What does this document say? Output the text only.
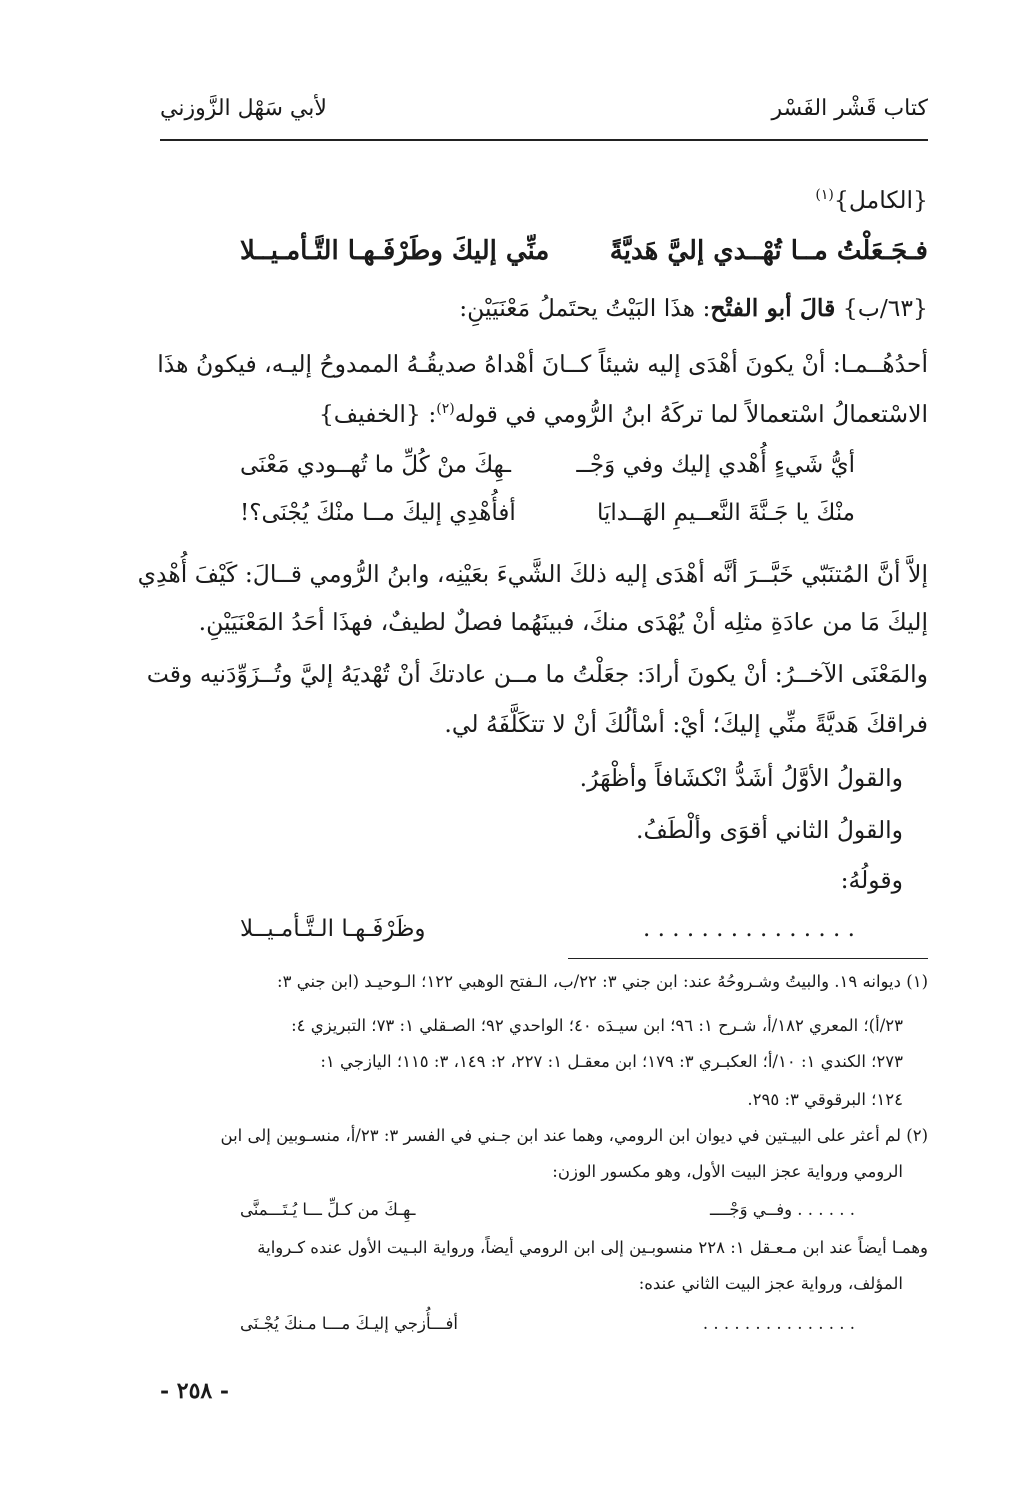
كتاب قَشْر الفَسْر
لأبي سَهْل الزَّوزني
{الكامل}$^{(١)}$
فـجَـعَلْتُ مــا تُهْــدي إليَّ هَديَّةً
منِّي إليكَ وطَرْفَـهـا التَّـأمـيــلا
{٦٣/ب} قالَ أبو الفتْح: هذَا البَيْتُ يحتَملُ مَعْنَيَيْنِ:
أحدُهُــمـا: أنْ يكونَ أهْدَى إليه شيئاً كــانَ أهْداهُ صديقُـهُ الممدوحُ إليـه، فيكونُ هذَا
الاسْتعمالُ اسْتعمالاً لما تركَهُ ابنُ الرُّومي في قوله$^{(٢)}$: {الخفيف}
أيُّ شَيءٍ أُهْدي إليك وفي وَجْــ
ـهِكَ منْ كُلِّ ما تُهــودي مَعْنَى
منْكَ يا جَـنَّةَ النَّعــيمِ الهَــدايَا
أفأُهْدِي إليكَ مــا منْكَ يُجْنَى؟!
إلاَّ أنَّ المُتنَبّي خَبَّــرَ أنَّه أهْدَى إليه ذلكَ الشَّيءَ بعَيْنِه، وابنُ الرُّومي قــالَ: كَيْفَ أُهْدِي
إليكَ مَا من عادَةِ مثلِه أنْ يُهْدَى منكَ، فبينَهُما فصلٌ لطيفٌ، فهذَا أحَدُ المَعْنَيَيْنِ.
والمَعْنَى الآخــرُ: أنْ يكونَ أرادَ: جعَلْتُ ما مــن عادتكَ أنْ تُهْديَهُ إليَّ وتُــزَوِّدَنيه وقت
فراقكَ هَديَّةً منِّي إليكَ؛ أيْ: أسْألُكَ أنْ لا تتكَلَّفَهُ لي.
والقولُ الأوَّلُ أشَدُّ انْكشَافاً وأظْهَرُ.
والقولُ الثاني أقوَى وألْطَفُ.
وقولُهُ:
. . . . . . . . . . . . . . .
وظَرْفَـهـا الـتَّـأمـيــلا
(١) ديوانه ١٩. والبيتُ وشـروحُهُ عند: ابن جني ٣: ٢٢/ب، الـفتح الوهبي ١٢٢؛ الـوحيـد (ابن جني ٣:
٢٣/أ)؛ المعري ١٨٢/أ، شـرح ١: ٩٦؛ ابن سيـدَه ٤٠؛ الواحدي ٩٢؛ الصـقلي ١: ٧٣؛ التبريزي ٤:
٢٧٣؛ الكندي ١: ١٠/أ؛ العكبـري ٣: ١٧٩؛ ابن معقـل ١: ٢٢٧، ٢: ١٤٩، ٣: ١١٥؛ اليازجي ١:
١٢٤؛ البرقوقي ٣: ٢٩٥.
(٢) لم أعثر على البيـتين في ديوان ابن الرومي، وهما عند ابن جـني في الفسر ٣: ٢٣/أ، منسـوبين إلى ابن
الرومي ورواية عجز البيت الأول، وهو مكسور الوزن:
. . . . . . وفــي وَجْــــ
ـهِـكَ من كـلِّ ـــا يُـتَـــمنَّى
وهمـا أيضاً عند ابن مـعـقل ١: ٢٢٨ منسوبـين إلى ابن الرومي أيضاً، ورواية البـيت الأول عنده كـرواية
المؤلف، ورواية عجز البيت الثاني عنده:
. . . . . . . . . . . . . . .
أفـــأُزجي إليـكَ مـــا مـنكَ يُجْـنَى
- ٢٥٨ -
